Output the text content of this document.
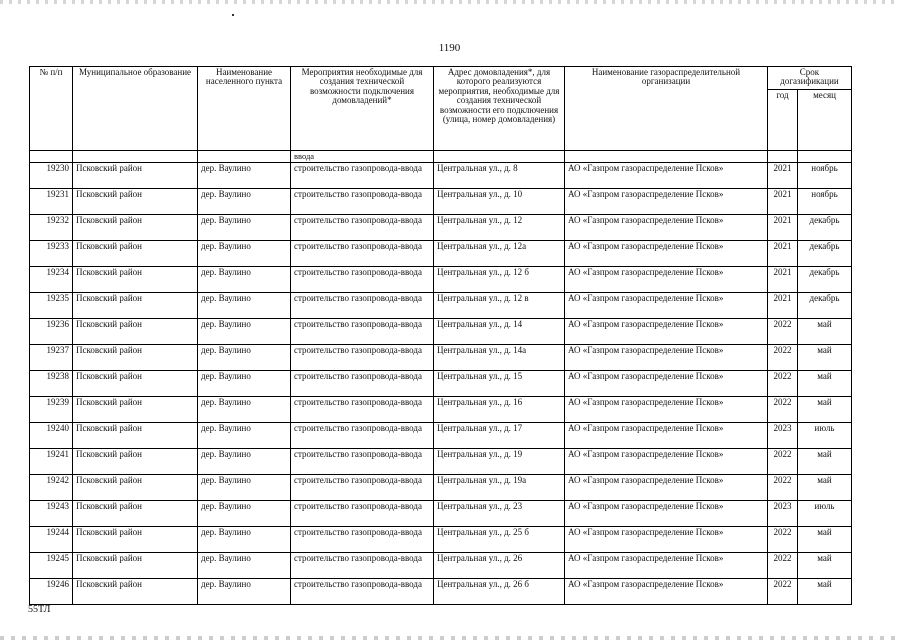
1190
№ п/п	Муниципальное образование	Наименование населенного пункта	Мероприятия необходимые для создания технической возможности подключения домовладений*	Адрес домовладения*, для которого реализуются мероприятия, необходимые для создания технической возможности его подключения (улица, номер домовладения)	Наименование газораспределительной организации	Срок догазификации	
						год	месяц
			ввода				
19230	Псковский район	дер. Ваулино	строительство газопровода-ввода	Центральная ул., д. 8	АО «Газпром газораспределение Псков»	2021	ноябрь
19231	Псковский район	дер. Ваулино	строительство газопровода-ввода	Центральная ул., д. 10	АО «Газпром газораспределение Псков»	2021	ноябрь
19232	Псковский район	дер. Ваулино	строительство газопровода-ввода	Центральная ул., д. 12	АО «Газпром газораспределение Псков»	2021	декабрь
19233	Псковский район	дер. Ваулино	строительство газопровода-ввода	Центральная ул., д. 12а	АО «Газпром газораспределение Псков»	2021	декабрь
19234	Псковский район	дер. Ваулино	строительство газопровода-ввода	Центральная ул., д. 12 б	АО «Газпром газораспределение Псков»	2021	декабрь
19235	Псковский район	дер. Ваулино	строительство газопровода-ввода	Центральная ул., д. 12 в	АО «Газпром газораспределение Псков»	2021	декабрь
19236	Псковский район	дер. Ваулино	строительство газопровода-ввода	Центральная ул., д. 14	АО «Газпром газораспределение Псков»	2022	май
19237	Псковский район	дер. Ваулино	строительство газопровода-ввода	Центральная ул., д. 14а	АО «Газпром газораспределение Псков»	2022	май
19238	Псковский район	дер. Ваулино	строительство газопровода-ввода	Центральная ул., д. 15	АО «Газпром газораспределение Псков»	2022	май
19239	Псковский район	дер. Ваулино	строительство газопровода-ввода	Центральная ул., д. 16	АО «Газпром газораспределение Псков»	2022	май
19240	Псковский район	дер. Ваулино	строительство газопровода-ввода	Центральная ул., д. 17	АО «Газпром газораспределение Псков»	2023	июль
19241	Псковский район	дер. Ваулино	строительство газопровода-ввода	Центральная ул., д. 19	АО «Газпром газораспределение Псков»	2022	май
19242	Псковский район	дер. Ваулино	строительство газопровода-ввода	Центральная ул., д. 19а	АО «Газпром газораспределение Псков»	2022	май
19243	Псковский район	дер. Ваулино	строительство газопровода-ввода	Центральная ул., д. 23	АО «Газпром газораспределение Псков»	2023	июль
19244	Псковский район	дер. Ваулино	строительство газопровода-ввода	Центральная ул., д. 25 б	АО «Газпром газораспределение Псков»	2022	май
19245	Псковский район	дер. Ваулино	строительство газопровода-ввода	Центральная ул., д. 26	АО «Газпром газораспределение Псков»	2022	май
19246	Псковский район	дер. Ваулино	строительство газопровода-ввода	Центральная ул., д. 26 б	АО «Газпром газораспределение Псков»	2022	май
55ТЛ
